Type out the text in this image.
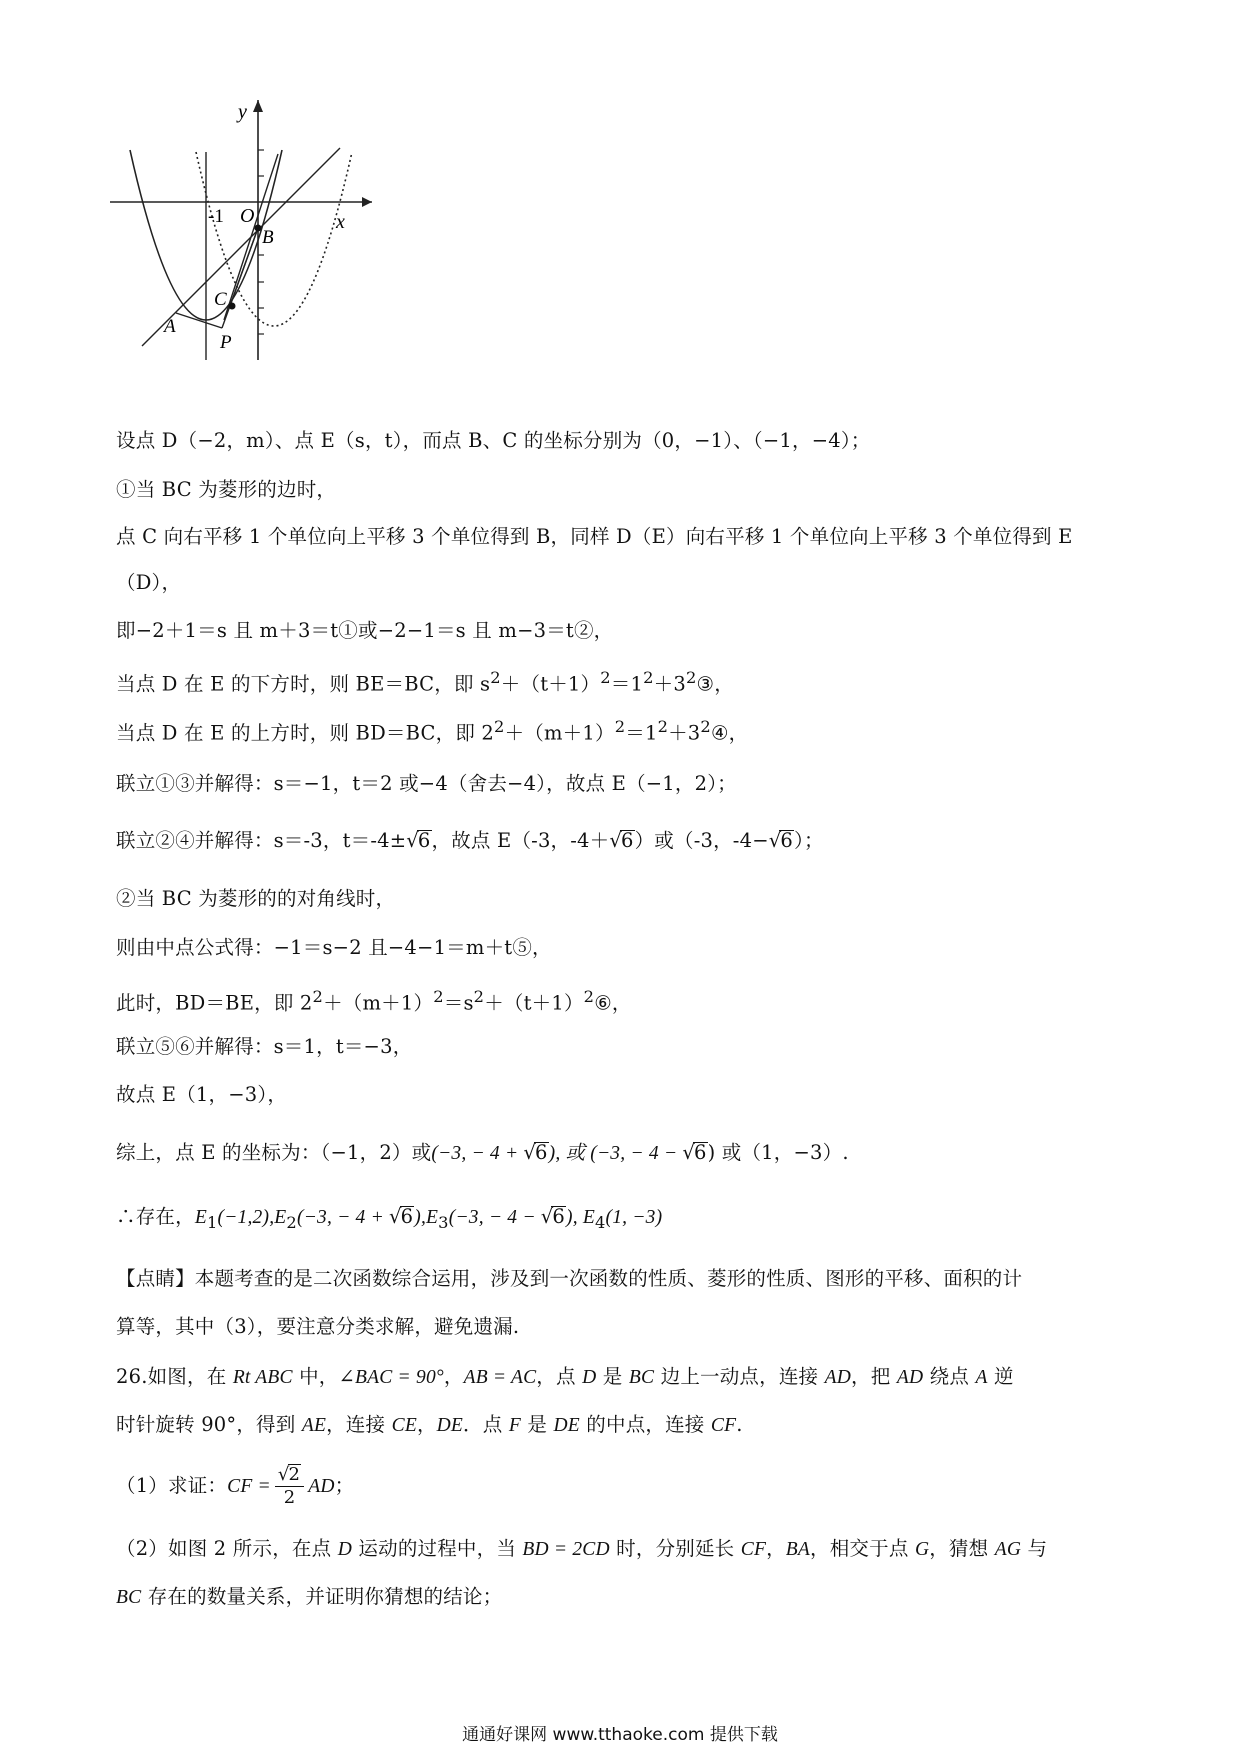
y
x
-1 O
B
C
A
P
设点 D（−2，m）、点 E（s，t），而点 B、C 的坐标分别为（0，−1）、（−1，−4）；
①当 BC 为菱形的边时，
点 C 向右平移 1 个单位向上平移 3 个单位得到 B，同样 D（E）向右平移 1 个单位向上平移 3 个单位得到 E
（D），
即−2＋1＝s 且 m＋3＝t①或−2−1＝s 且 m−3＝t②，
当点 D 在 E 的下方时，则 BE＝BC，即 $s^2+(t+1)^2=1^2+3^2③$，
当点 D 在 E 的上方时，则 BD＝BC，即 $2^2+(m+1)^2=1^2+3^2④$，
联立①③并解得：s＝−1，t＝2 或−4（舍去−4），故点 E（−1，2）；
联立②④并解得：s＝-3，t＝-4±√6，故点 E（-3，-4＋√6）或（-3，-4−√6）；
②当 BC 为菱形的的对角线时，
则由中点公式得：−1＝s−2 且−4−1＝m＋t⑤，
此时，BD＝BE，即 $2^2+(m+1)^2=s^2+(t+1)^2⑥$，
联立⑤⑥并解得：s＝1，t＝−3，
故点 E（1，−3），
综上，点 E 的坐标为：（−1，2）或(−3, − 4 + √6), 或 (−3, − 4 − √6) 或（1，−3）.
∴存在，$E_1(-1,2),E_2(-3$, − $4 + √6),E_3(-3$, − 4 − √6), $E_4(1$, −3)
【点睛】本题考查的是二次函数综合运用，涉及到一次函数的性质、菱形的性质、图形的平移、面积的计
算等，其中（3），要注意分类求解，避免遗漏.
26.如图，在 Rt ABC 中，∠BAC = 90°，AB = AC，点 D 是 BC 边上一动点，连接 AD，把 AD 绕点 A 逆
时针旋转 90°，得到 AE，连接 CE，DE．点 F 是 DE 的中点，连接 CF.
（1）求证：CF = $\frac{√2}{2}$ AD；
（2）如图 2 所示，在点 D 运动的过程中，当 BD = 2CD 时，分别延长 CF，BA，相交于点 G，猜想 AG 与
BC 存在的数量关系，并证明你猜想的结论；
通通好课网 www.tthaoke.com 提供下载
